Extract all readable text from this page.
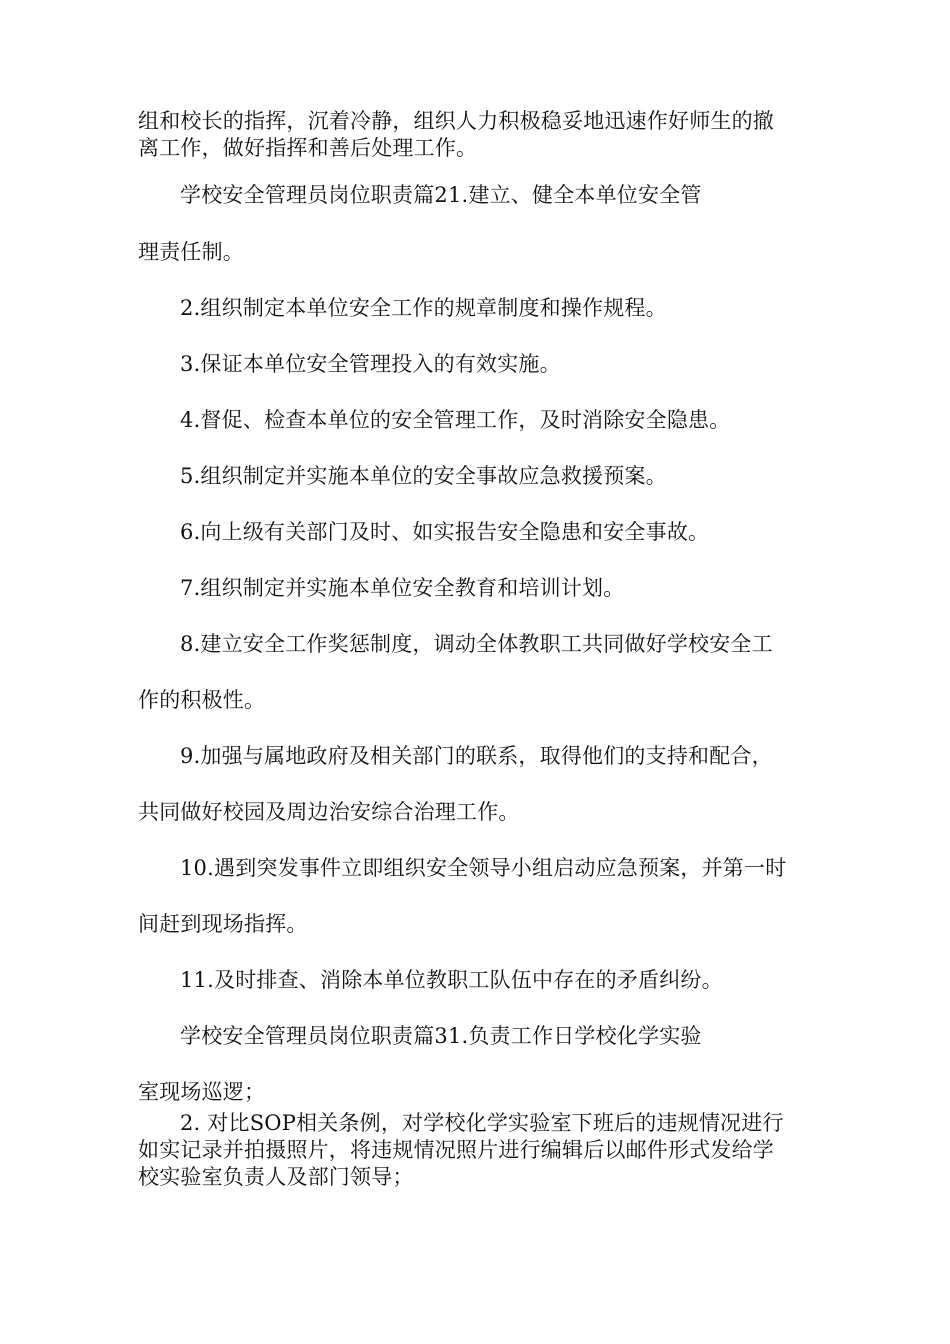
组和校长的指挥，沉着冷静，组织人力积极稳妥地迅速作好师生的撤
离工作，做好指挥和善后处理工作。
学校安全管理员岗位职责篇21.建立、健全本单位安全管
理责任制。
2.组织制定本单位安全工作的规章制度和操作规程。
3.保证本单位安全管理投入的有效实施。
4.督促、检查本单位的安全管理工作，及时消除安全隐患。
5.组织制定并实施本单位的安全事故应急救援预案。
6.向上级有关部门及时、如实报告安全隐患和安全事故。
7.组织制定并实施本单位安全教育和培训计划。
8.建立安全工作奖惩制度，调动全体教职工共同做好学校安全工
作的积极性。
9.加强与属地政府及相关部门的联系，取得他们的支持和配合，
共同做好校园及周边治安综合治理工作。
10.遇到突发事件立即组织安全领导小组启动应急预案，并第一时
间赶到现场指挥。
11.及时排查、消除本单位教职工队伍中存在的矛盾纠纷。
学校安全管理员岗位职责篇31.负责工作日学校化学实验
室现场巡逻；
2. 对比SOP相关条例，对学校化学实验室下班后的违规情况进行
如实记录并拍摄照片，将违规情况照片进行编辑后以邮件形式发给学
校实验室负责人及部门领导；
